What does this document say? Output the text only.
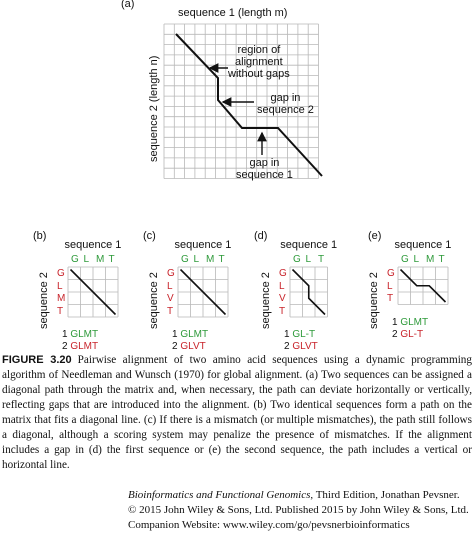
(a)
sequence 1 (length m)
sequence 2 (length n)
region of
alignment
without gaps
gap in
sequence 2
gap in
sequence 1
(b)
sequence 1
sequence 2
G L M T
G
L
M
T
1 GLMT
2 GLMT
(c)
sequence 1
sequence 2
G L M T
G
L
V
T
1 GLMT
2 GLVT
(d)
sequence 1
sequence 2
G L T
G
L
V
T
1 GL-T
2 GLVT
(e)
sequence 1
sequence 2
G L M T
G
L
T
1 GLMT
2 GL-T
FIGURE 3.20 Pairwise alignment of two amino acid sequences using a dynamic programming algorithm of Needleman and Wunsch (1970) for global alignment. (a) Two sequences can be assigned a diagonal path through the matrix and, when necessary, the path can deviate horizontally or vertically, reflecting gaps that are introduced into the alignment. (b) Two identical sequences form a path on the matrix that fits a diagonal line. (c) If there is a mismatch (or multiple mismatches), the path still follows a diagonal, although a scoring system may penalize the presence of mismatches. If the alignment includes a gap in (d) the first sequence or (e) the second sequence, the path includes a vertical or horizontal line.
Bioinformatics and Functional Genomics, Third Edition, Jonathan Pevsner.
© 2015 John Wiley & Sons, Ltd. Published 2015 by John Wiley & Sons, Ltd.
Companion Website: www.wiley.com/go/pevsnerbioinformatics
